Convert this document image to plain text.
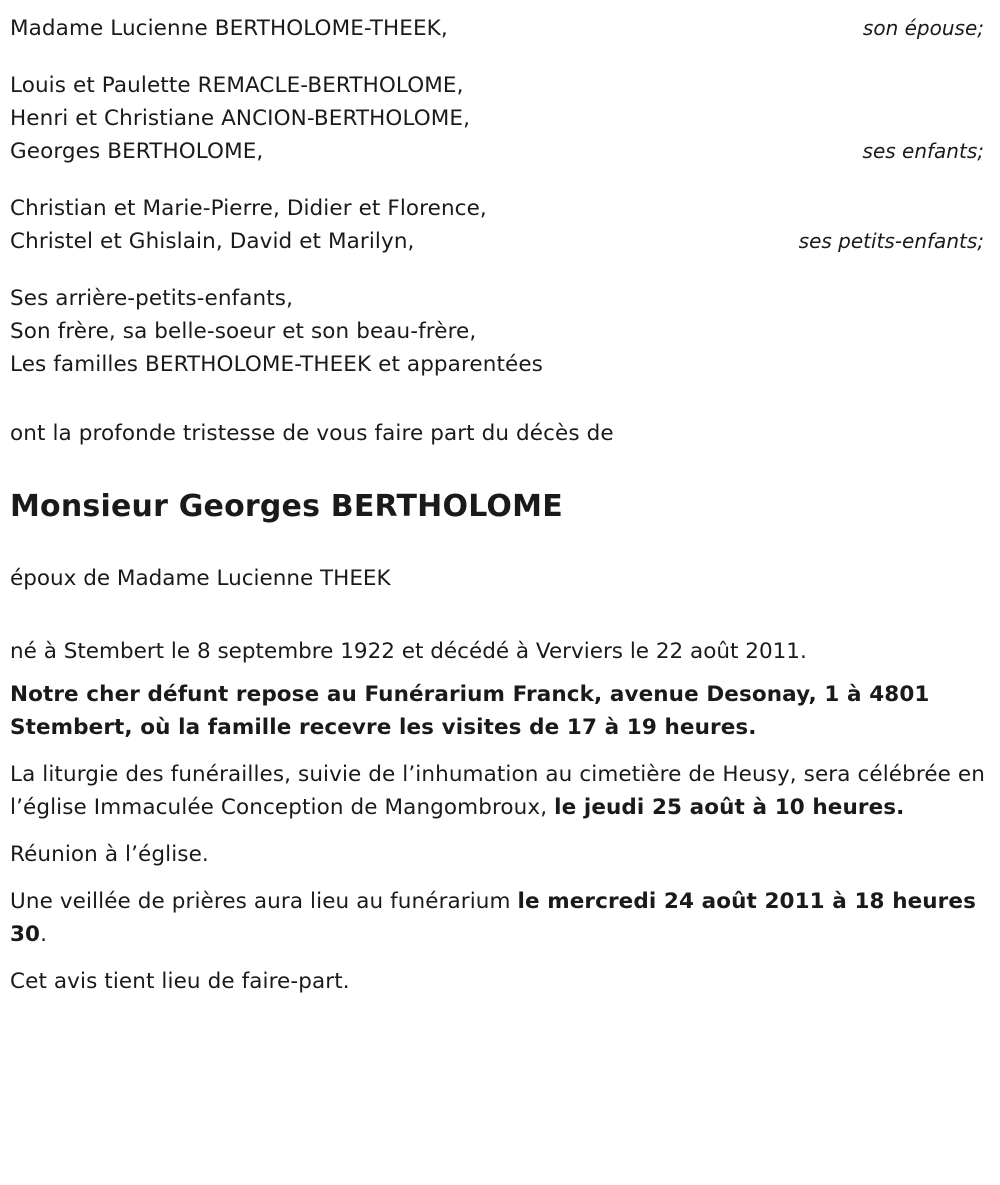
Madame Lucienne BERTHOLOME-THEEK,	son épouse;
Louis et Paulette REMACLE-BERTHOLOME,
Henri et Christiane ANCION-BERTHOLOME,
Georges BERTHOLOME,	ses enfants;
Christian et Marie-Pierre, Didier et Florence,
Christel et Ghislain, David et Marilyn,	ses petits-enfants;
Ses arrière-petits-enfants,
Son frère, sa belle-soeur et son beau-frère,
Les familles BERTHOLOME-THEEK et apparentées
ont la profonde tristesse de vous faire part du décès de
Monsieur Georges BERTHOLOME
époux de Madame Lucienne THEEK
né à Stembert le 8 septembre 1922 et décédé à Verviers le 22 août 2011.
Notre cher défunt repose au Funérarium Franck, avenue Desonay, 1 à 4801 Stembert, où la famille recevre les visites de 17 à 19 heures.
La liturgie des funérailles, suivie de l’inhumation au cimetière de Heusy, sera célébrée en l’église Immaculée Conception de Mangombroux, le jeudi 25 août à 10 heures.
Réunion à l’église.
Une veillée de prières aura lieu au funérarium le mercredi 24 août 2011 à 18 heures 30.
Cet avis tient lieu de faire-part.
